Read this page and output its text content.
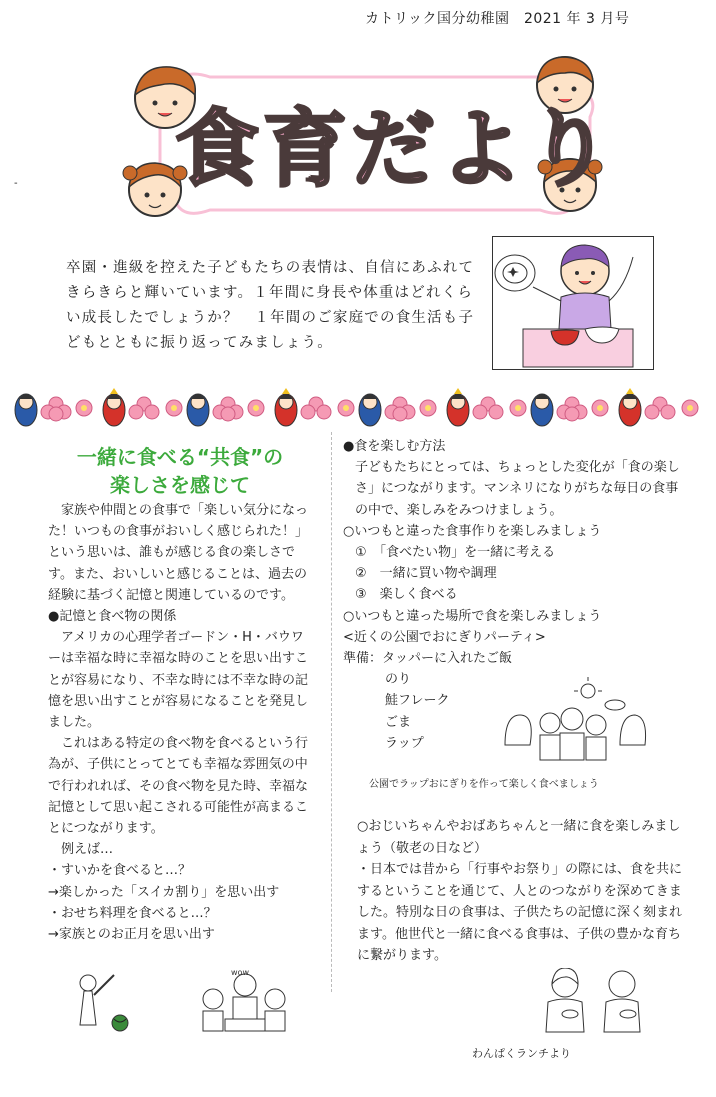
カトリック国分幼稚園　2021 年 3 月号
- 食育だより
卒園・進級を控えた子どもたちの表情は、自信にあふれてきらきらと輝いています。１年間に身長や体重はどれくらい成長したでしょうか？　１年間のご家庭での食生活も子どもとともに振り返ってみましょう。
一緒に食べる“共食”の
楽しさを感じて

家族や仲間との食事で「楽しい気分になった！いつもの食事がおいしく感じられた！」という思いは、誰もが感じる食の楽しさです。また、おいしいと感じることは、過去の経験に基づく記憶と関連しているのです。

●記憶と食べ物の関係

アメリカの心理学者ゴードン・H・バウワーは幸福な時に幸福な時のことを思い出すことが容易になり、不幸な時には不幸な時の記憶を思い出すことが容易になることを発見しました。

これはある特定の食べ物を食べるという行為が、子供にとってとても幸福な雰囲気の中で行われれば、その食べ物を見た時、幸福な記憶として思い起こされる可能性が高まることにつながります。

例えば…

・すいかを食べると…？

→楽しかった「スイカ割り」を思い出す

・おせち料理を食べると…？

→家族とのお正月を思い出す

wow

●食を楽しむ方法

子どもたちにとっては、ちょっとした変化が「食の楽しさ」につながります。マンネリになりがちな毎日の食事の中で、楽しみをみつけましょう。

○いつもと違った食事作りを楽しみましょう

①　「食べたい物」を一緒に考える

②　一緒に買い物や調理

③　楽しく食べる

○いつもと違った場所で食を楽しみましょう

<近くの公園でおにぎりパーティ>

準備：タッパーに入れたご飯

のり

鮭フレーク

ごま

ラップ

公園でラップおにぎりを作って楽しく食べましょう

○おじいちゃんやおばあちゃんと一緒に食を楽しみましょう（敬老の日など）

・日本では昔から「行事やお祭り」の際には、食を共にするということを通じて、人とのつながりを深めてきました。特別な日の食事は、子供たちの記憶に深く刻まれます。他世代と一緒に食べる食事は、子供の豊かな育ちに繋がります。

わんぱくランチより
